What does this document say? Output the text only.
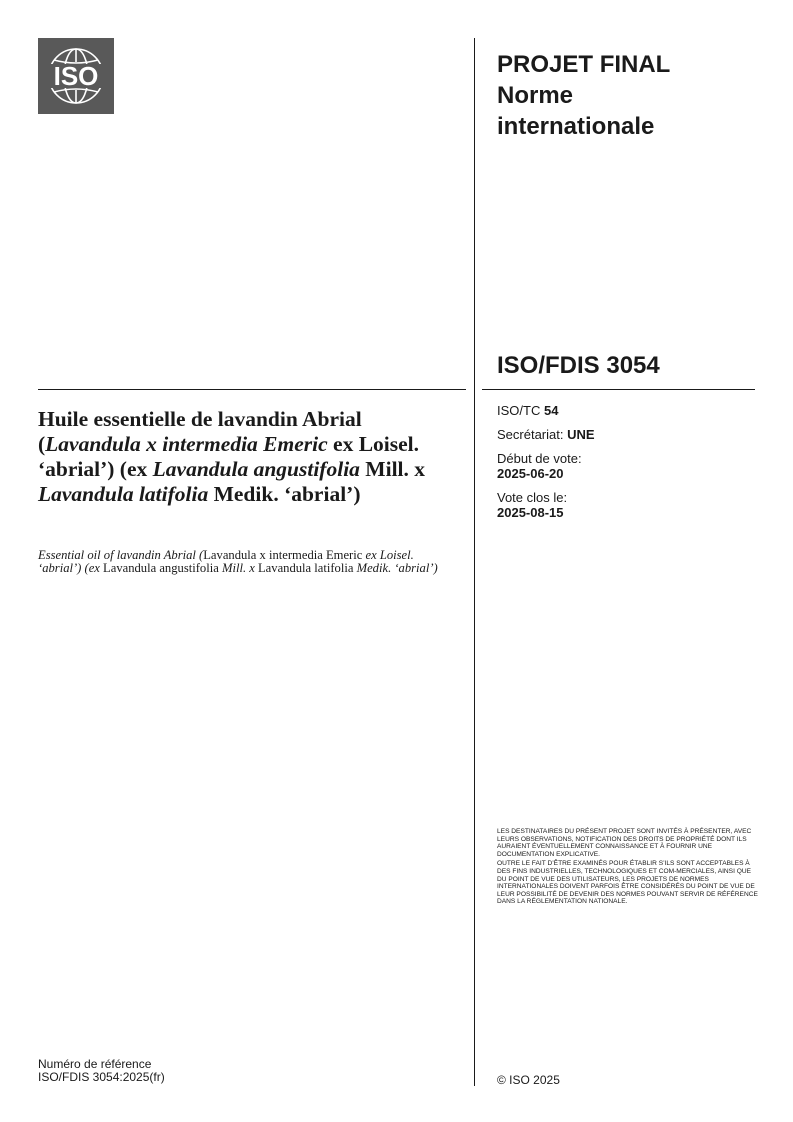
ISO	PROJET FINAL
Norme
internationale
ISO/FDIS 3054
ISO/TC 54
Secrétariat: UNE
Début de vote:
2025-06-20
Vote clos le:
2025-08-15
Huile essentielle de lavandin Abrial (Lavandula x intermedia Emeric ex Loisel. ‘abrial’) (ex Lavandula angustifolia Mill. x Lavandula latifolia Medik. ‘abrial’)
Essential oil of lavandin Abrial (Lavandula x intermedia Emeric ex Loisel. ‘abrial’) (ex Lavandula angustifolia Mill. x Lavandula latifolia Medik. ‘abrial’)

LES DESTINATAIRES DU PRÉSENT PROJET SONT INVITÉS À PRÉSENTER, AVEC LEURS OBSERVATIONS, NOTIFICATION DES DROITS DE PROPRIÉTÉ DONT ILS AURAIENT ÉVENTUELLEMENT CONNAISSANCE ET À FOURNIR UNE DOCUMENTATION EXPLICATIVE.

OUTRE LE FAIT D’ÊTRE EXAMINÉS POUR ÉTABLIR S’ILS SONT ACCEPTABLES À DES FINS INDUSTRIELLES, TECHNOLOGIQUES ET COM-MERCIALES, AINSI QUE DU POINT DE VUE DES UTILISATEURS, LES PROJETS DE NORMES INTERNATIONALES DOIVENT PARFOIS ÊTRE CONSIDÉRÉS DU POINT DE VUE DE LEUR POSSIBILITÉ DE DEVENIR DES NORMES POUVANT SERVIR DE RÉFÉRENCE DANS LA RÉGLEMENTATION NATIONALE.

Numéro de référence
ISO/FDIS 3054:2025(fr)	© ISO 2025
